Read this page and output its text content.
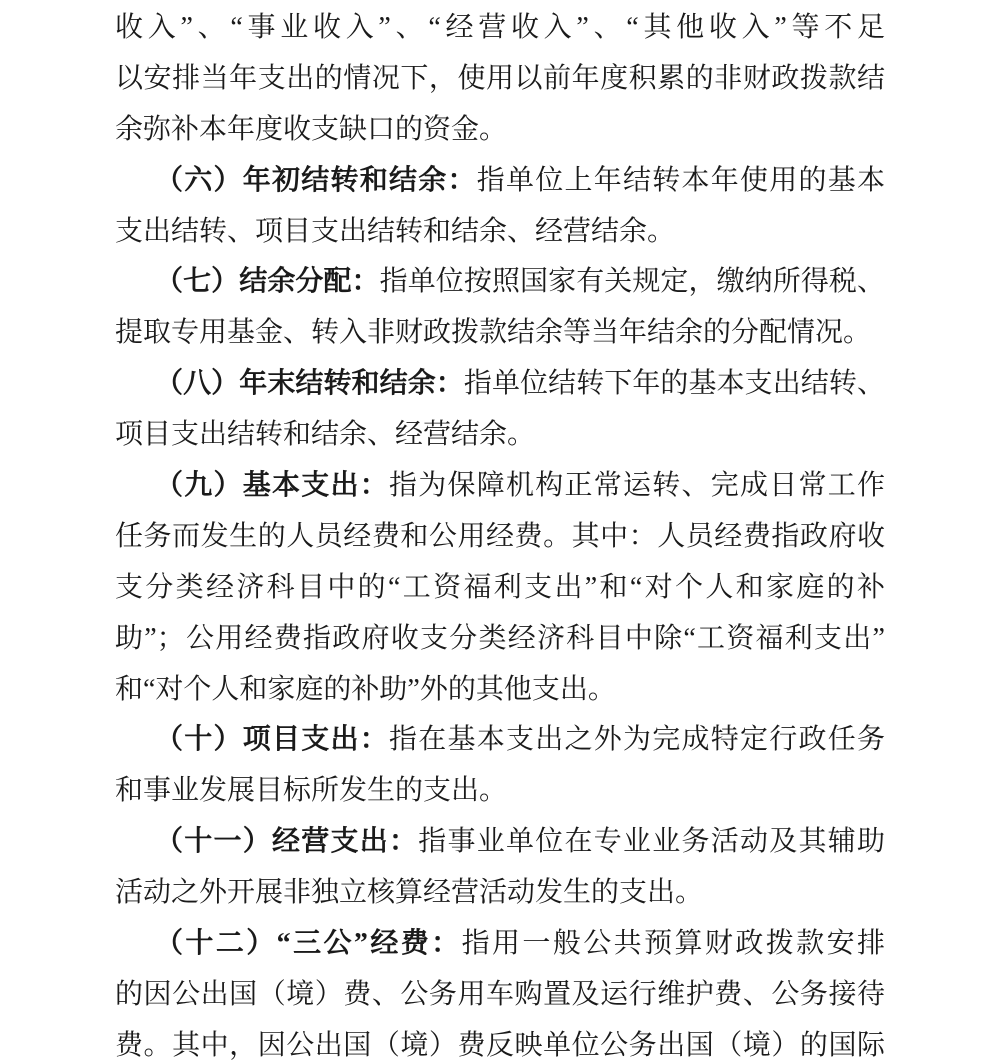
收入”、“事业收入”、“经营收入”、“其他收入”等不足
以安排当年支出的情况下，使用以前年度积累的非财政拨款结
余弥补本年度收支缺口的资金。
（六）年初结转和结余：指单位上年结转本年使用的基本
支出结转、项目支出结转和结余、经营结余。
（七）结余分配：指单位按照国家有关规定，缴纳所得税、
提取专用基金、转入非财政拨款结余等当年结余的分配情况。
（八）年末结转和结余：指单位结转下年的基本支出结转、
项目支出结转和结余、经营结余。
（九）基本支出：指为保障机构正常运转、完成日常工作
任务而发生的人员经费和公用经费。其中：人员经费指政府收
支分类经济科目中的“工资福利支出”和“对个人和家庭的补
助”；公用经费指政府收支分类经济科目中除“工资福利支出”
和“对个人和家庭的补助”外的其他支出。
（十）项目支出：指在基本支出之外为完成特定行政任务
和事业发展目标所发生的支出。
（十一）经营支出：指事业单位在专业业务活动及其辅助
活动之外开展非独立核算经营活动发生的支出。
（十二）“三公”经费：指用一般公共预算财政拨款安排
的因公出国（境）费、公务用车购置及运行维护费、公务接待
费。其中，因公出国（境）费反映单位公务出国（境）的国际
